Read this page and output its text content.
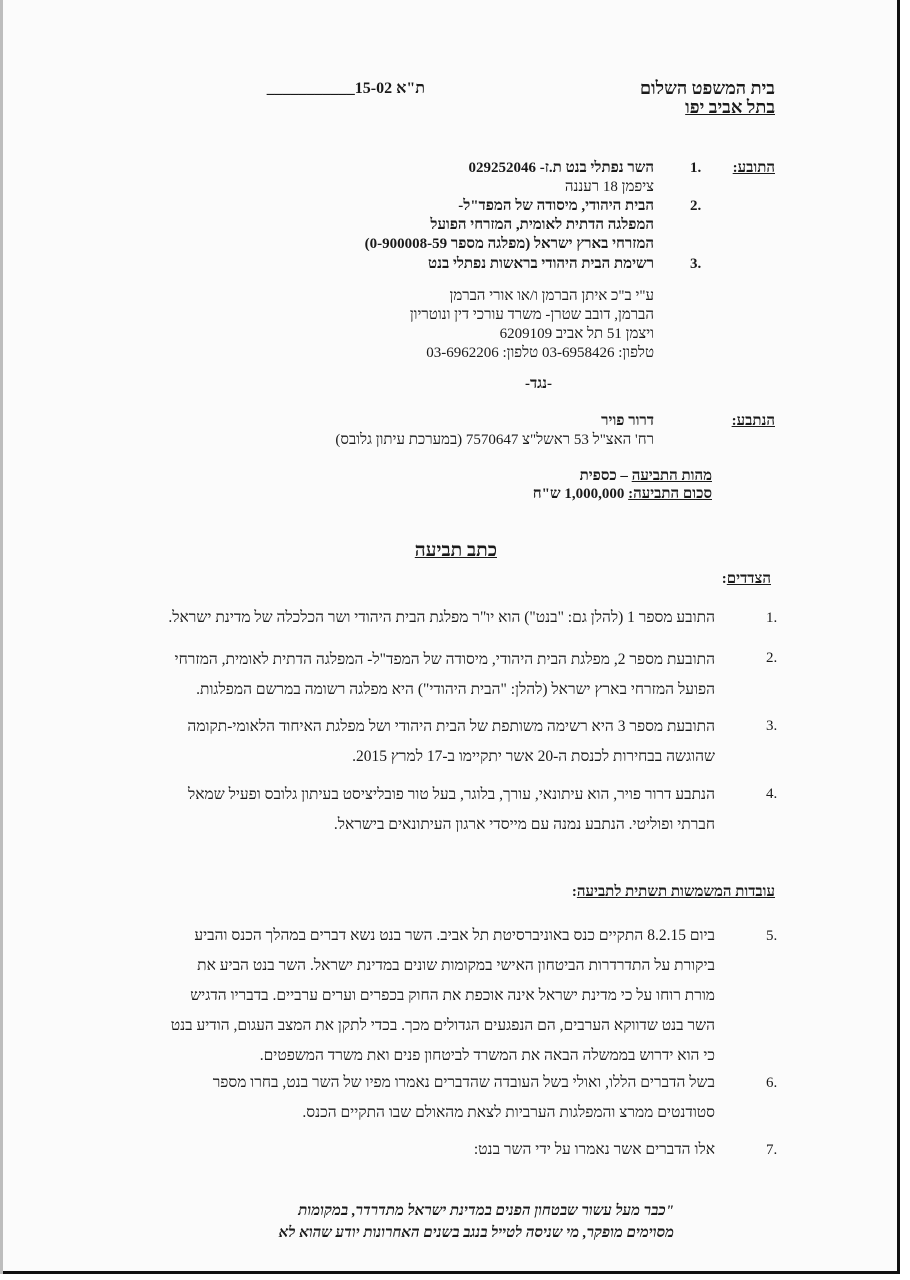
בית המשפט השלום
בתל אביב יפו
ת"א 15-02___________
התובע:
1.
השר נפתלי בנט ת.ז- 029252046
ציפמן 18 רעננה
2.
הבית היהודי, מיסודה של המפד"ל-
המפלגה הדתית לאומית, המזרחי הפועל
המזרחי בארץ ישראל (מפלגה מספר 0-900008-59)
3.
רשימת הבית היהודי בראשות נפתלי בנט
ע"י ב"כ איתן הברמן ו/או אורי הברמן
הברמן, דובב שטרן- משרד עורכי דין ונוטריון
ויצמן 51 תל אביב 6209109
טלפון: 03-6958426 טלפון: 03-6962206
-נגד-
הנתבע:
דרור פויר
רח' האצ"ל 53 ראשל"צ 7570647 (במערכת עיתון גלובס)
מהות התביעה – כספית
סכום התביעה: 1,000,000 ש"ח
כתב תביעה
הצדדים:
1.
התובע מספר 1 (להלן גם: "בנט") הוא יו"ר מפלגת הבית היהודי ושר הכלכלה של מדינת ישראל.
2.
התובעת מספר 2, מפלגת הבית היהודי, מיסודה של המפד"ל- המפלגה הדתית לאומית, המזרחי
הפועל המזרחי בארץ ישראל (להלן: "הבית היהודי") היא מפלגה רשומה במרשם המפלגות.
3.
התובעת מספר 3 היא רשימה משותפת של הבית היהודי ושל מפלגת האיחוד הלאומי-תקומה
שהוגשה בבחירות לכנסת ה-20 אשר יתקיימו ב-17 למרץ 2015.
4.
הנתבע דרור פויר, הוא עיתונאי, עורך, בלוגר, בעל טור פובליציסט בעיתון גלובס ופעיל שמאל
חברתי ופוליטי. הנתבע נמנה עם מייסדי ארגון העיתונאים בישראל.
עובדות המשמשות תשתית לתביעה:
5.
ביום 8.2.15 התקיים כנס באוניברסיטת תל אביב. השר בנט נשא דברים במהלך הכנס והביע
ביקורת על התדרדרות הביטחון האישי במקומות שונים במדינת ישראל. השר בנט הביע את
מורת רוחו על כי מדינת ישראל אינה אוכפת את החוק בכפרים וערים ערביים. בדבריו הדגיש
השר בנט שדווקא הערבים, הם הנפגעים הגדולים מכך. בכדי לתקן את המצב העגום, הודיע בנט
כי הוא ידרוש בממשלה הבאה את המשרד לביטחון פנים ואת משרד המשפטים.
6.
בשל הדברים הללו, ואולי בשל העובדה שהדברים נאמרו מפיו של השר בנט, בחרו מספר
סטודנטים ממרצ והמפלגות הערביות לצאת מהאולם שבו התקיים הכנס.
7.
אלו הדברים אשר נאמרו על ידי השר בנט:
"כבר מעל עשור שבטחון הפנים במדינת ישראל מתדרדר, במקומות
מסוימים מופקר, מי שניסה לטייל בנגב בשנים האחרונות יודע שהוא לא
